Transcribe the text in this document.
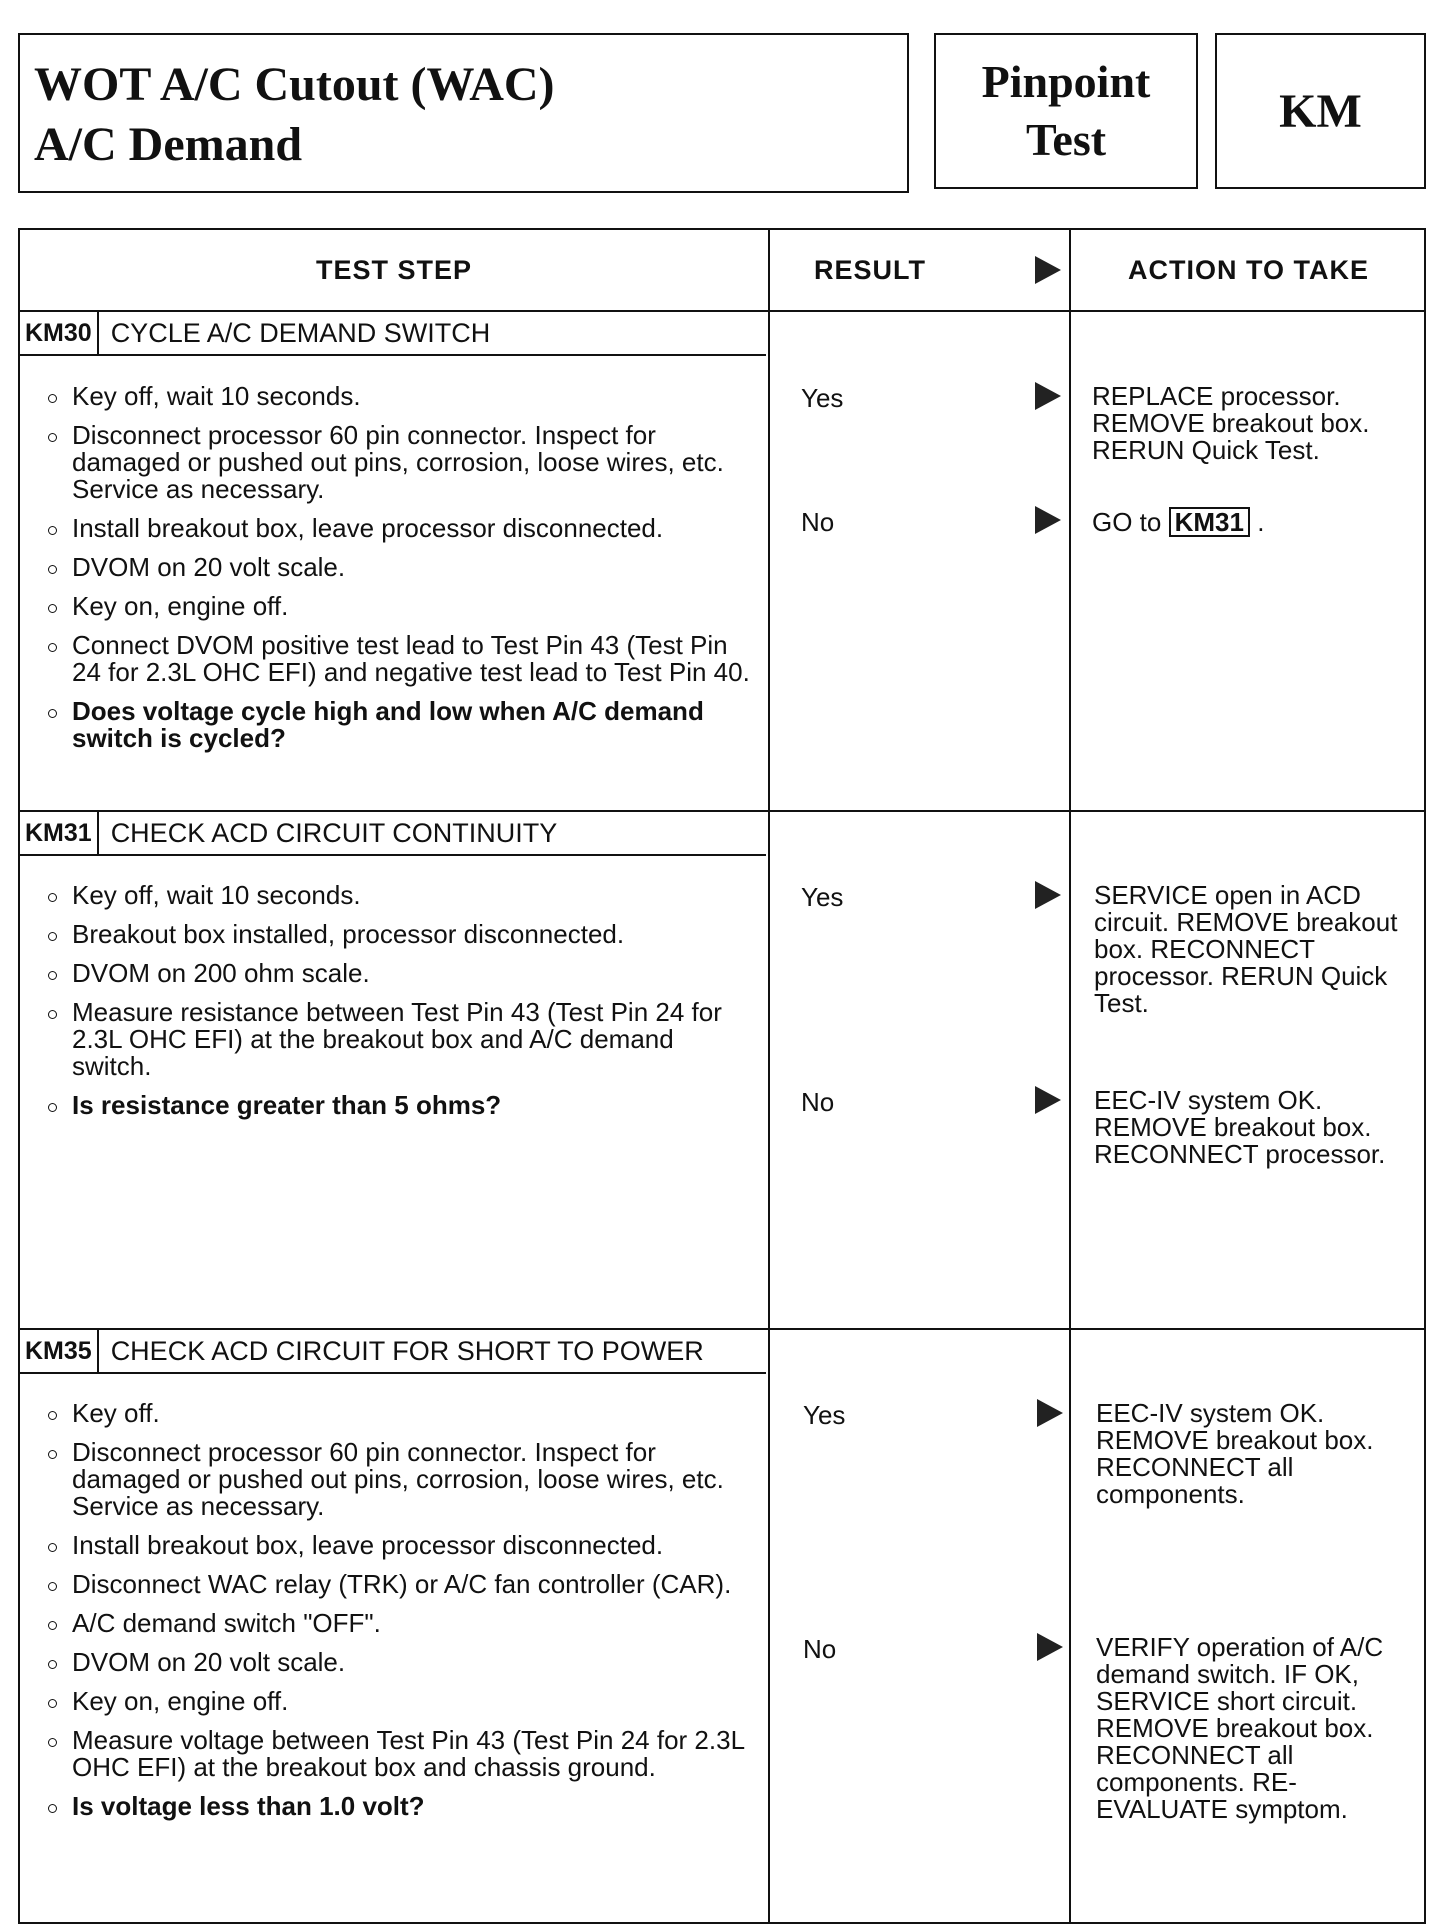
WOT A/C Cutout (WAC)
A/C Demand
Pinpoint
Test
KM
TEST STEP	RESULT	ACTION TO TAKE
KM30 CYCLE A/C DEMAND SWITCH
Key off, wait 10 seconds.
Disconnect processor 60 pin connector. Inspect for damaged or pushed out pins, corrosion, loose wires, etc. Service as necessary.
Install breakout box, leave processor disconnected.
DVOM on 20 volt scale.
Key on, engine off.
Connect DVOM positive test lead to Test Pin 43 (Test Pin 24 for 2.3L OHC EFI) and negative test lead to Test Pin 40.
Does voltage cycle high and low when A/C demand switch is cycled?
Yes	REPLACE processor. REMOVE breakout box. RERUN Quick Test.
No	GO to KM31 .
KM31 CHECK ACD CIRCUIT CONTINUITY
Key off, wait 10 seconds.
Breakout box installed, processor disconnected.
DVOM on 200 ohm scale.
Measure resistance between Test Pin 43 (Test Pin 24 for 2.3L OHC EFI) at the breakout box and A/C demand switch.
Is resistance greater than 5 ohms?
Yes	SERVICE open in ACD circuit. REMOVE breakout box. RECONNECT processor. RERUN Quick Test.
No	EEC-IV system OK. REMOVE breakout box. RECONNECT processor.
KM35 CHECK ACD CIRCUIT FOR SHORT TO POWER
Key off.
Disconnect processor 60 pin connector. Inspect for damaged or pushed out pins, corrosion, loose wires, etc. Service as necessary.
Install breakout box, leave processor disconnected.
Disconnect WAC relay (TRK) or A/C fan controller (CAR).
A/C demand switch "OFF".
DVOM on 20 volt scale.
Key on, engine off.
Measure voltage between Test Pin 43 (Test Pin 24 for 2.3L OHC EFI) at the breakout box and chassis ground.
Is voltage less than 1.0 volt?
Yes	EEC-IV system OK. REMOVE breakout box. RECONNECT all components.
No	VERIFY operation of A/C demand switch. IF OK, SERVICE short circuit. REMOVE breakout box. RECONNECT all components. RE-EVALUATE symptom.
